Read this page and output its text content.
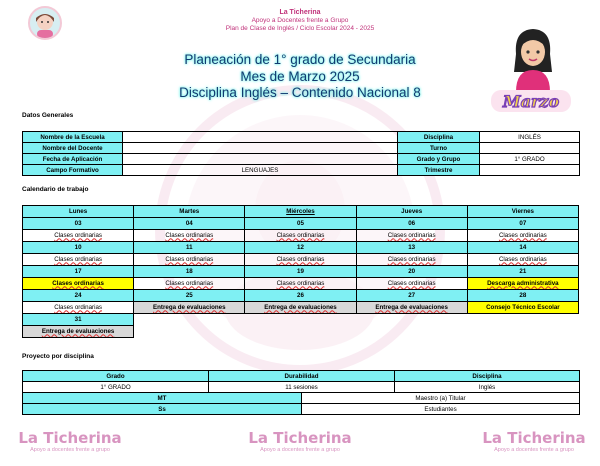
La Ticherina
Apoyo a Docentes frente a Grupo
Plan de Clase de Inglés / Ciclo Escolar 2024 - 2025
Planeación de 1° grado de Secundaria
Mes de Marzo 2025
Disciplina Inglés – Contenido Nacional 8	Marzo
Datos Generales
Nombre de la Escuela		Disciplina	INGLÉS
Nombre del Docente		Turno	
Fecha de Aplicación		Grado y Grupo	1° GRADO
Campo Formativo	LENGUAJES	Trimestre	
Calendario de trabajo
Lunes	Martes	Miércoles	Jueves	Viernes
03	04	05	06	07
Clases ordinarias	Clases ordinarias	Clases ordinarias	Clases ordinarias	Clases ordinarias
10	11	12	13	14
Clases ordinarias	Clases ordinarias	Clases ordinarias	Clases ordinarias	Clases ordinarias
17	18	19	20	21
Clases ordinarias	Clases ordinarias	Clases ordinarias	Clases ordinarias	Descarga administrativa
24	25	26	27	28
Clases ordinarias	Entrega de evaluaciones	Entrega de evaluaciones	Entrega de evaluaciones	Consejo Técnico Escolar
31				
Entrega de evaluaciones				
Proyecto por disciplina
Grado	Durabilidad		Disciplina
1° GRADO	11 sesiones		Inglés
MT		Maestro (a) Titular	
Ss		Estudiantes	
La Ticherina
Apoyo a docentes frente a grupo
La Ticherina
Apoyo a docentes frente a grupo
La Ticherina
Apoyo a docentes frente a grupo
